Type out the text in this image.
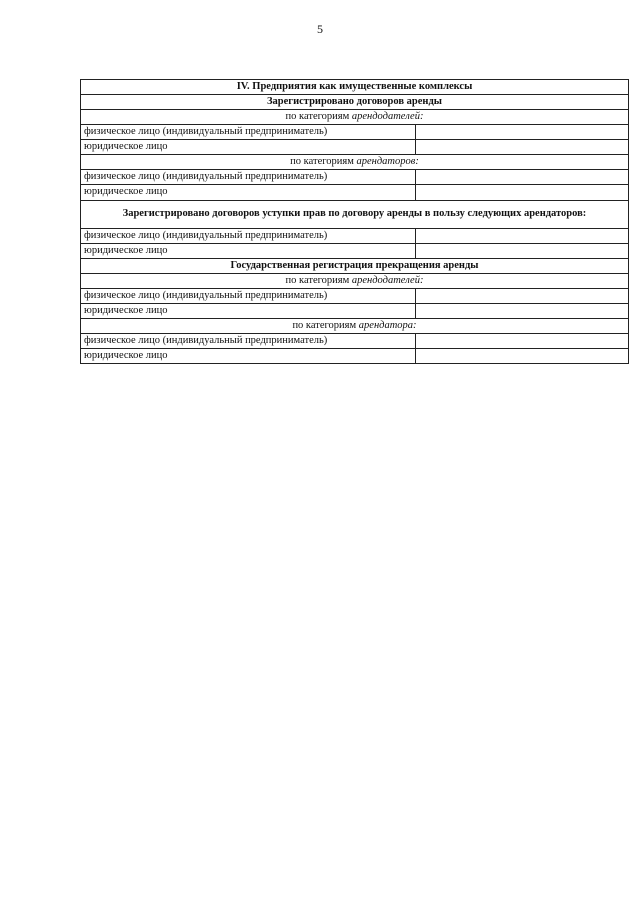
5
IV. Предприятия как имущественные комплексы	
Зарегистрировано договоров аренды	
по категориям арендодателей:	
физическое лицо (индивидуальный предприниматель)	
юридическое лицо	
по категориям арендаторов:	
физическое лицо (индивидуальный предприниматель)	
юридическое лицо	
Зарегистрировано договоров уступки прав по договору аренды в пользу следующих арендаторов:	
физическое лицо (индивидуальный предприниматель)	
юридическое лицо	
Государственная регистрация прекращения аренды	
по категориям арендодателей:	
физическое лицо (индивидуальный предприниматель)	
юридическое лицо	
по категориям арендатора:	
физическое лицо (индивидуальный предприниматель)	
юридическое лицо	
